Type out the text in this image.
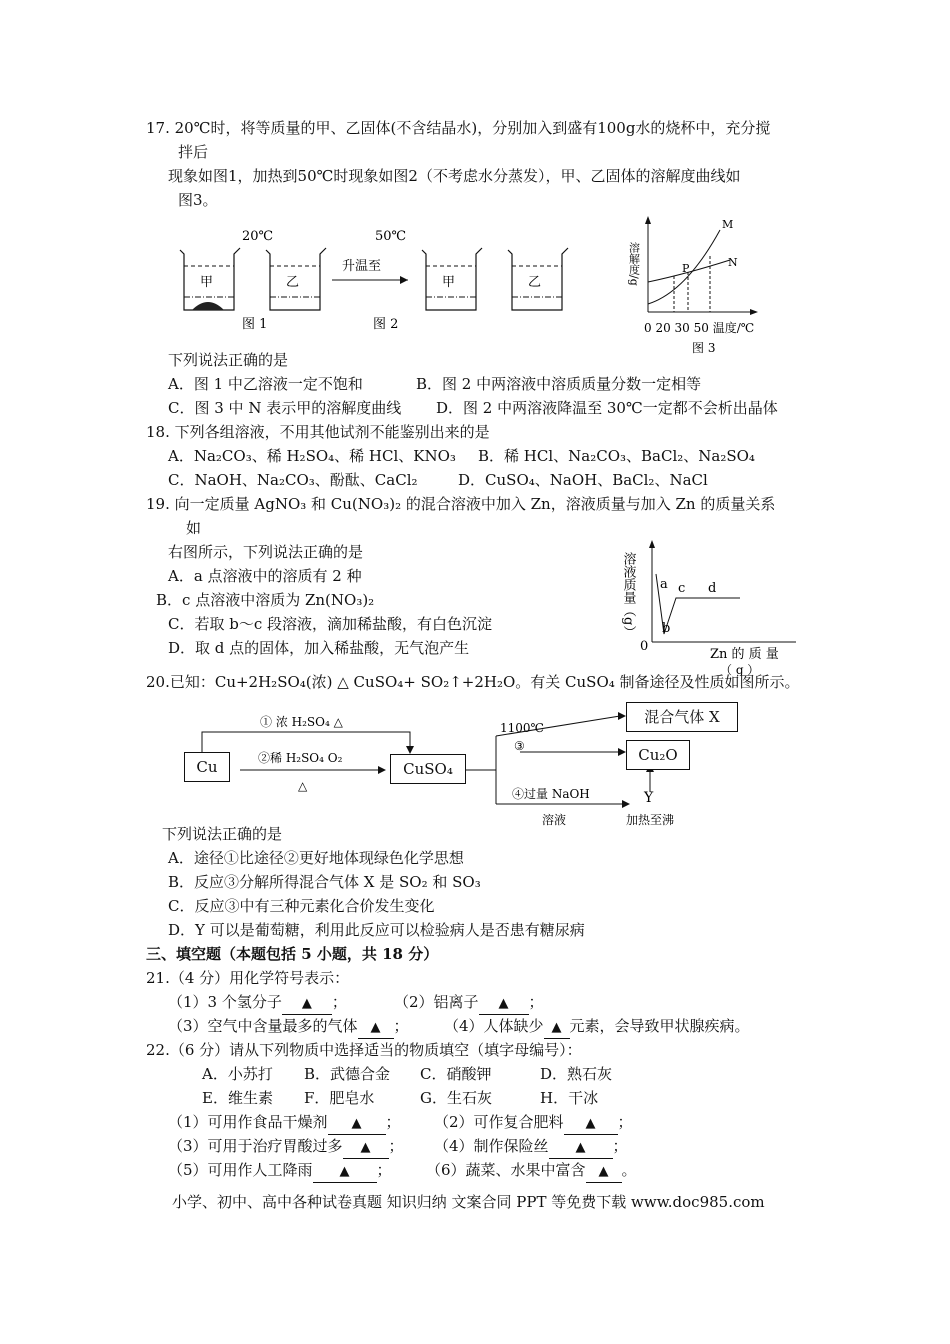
17. 20℃时，将等质量的甲、乙固体(不含结晶水)，分别加入到盛有100g水的烧杯中，充分搅
拌后
现象如图1，加热到50℃时现象如图2（不考虑水分蒸发），甲、乙固体的溶解度曲线如
图3。
20℃	50℃
甲	乙
升温至
甲	乙
图 1	图 2
溶解度/g
M
N
P
0 20 30 50 温度/℃
图 3
下列说法正确的是
A．图 1 中乙溶液一定不饱和	B．图 2 中两溶液中溶质质量分数一定相等
C．图 3 中 N 表示甲的溶解度曲线 D．图 2 中两溶液降温至 30℃一定都不会析出晶体
18. 下列各组溶液，不用其他试剂不能鉴别出来的是
A．Na₂CO₃、稀 H₂SO₄、稀 HCl、KNO₃ B．稀 HCl、Na₂CO₃、BaCl₂、Na₂SO₄
C．NaOH、Na₂CO₃、酚酞、CaCl₂	D．CuSO₄、NaOH、BaCl₂、NaCl
19. 向一定质量 AgNO₃ 和 Cu(NO₃)₂ 的混合溶液中加入 Zn，溶液质量与加入 Zn 的质量关系
如
右图所示，下列说法正确的是
A．a 点溶液中的溶质有 2 种
B．c 点溶液中溶质为 Zn(NO₃)₂
C．若取 b～c 段溶液，滴加稀盐酸，有白色沉淀
D．取 d 点的固体，加入稀盐酸，无气泡产生
溶液质量（g） a
b
c d
0
Zn 的 质 量
（ g ）
20.已知：Cu+2H₂SO₄(浓) △ CuSO₄+ SO₂↑+2H₂O。有关 CuSO₄ 制备途径及性质如图所示。
① 浓 H₂SO₄ △
②稀 H₂SO₄ O₂
△
1100℃
③
④过量 NaOH
溶液	加热至沸
Y
Cu	CuSO₄
混合气体 X
Cu₂O
下列说法正确的是
A．途径①比途径②更好地体现绿色化学思想
B．反应③分解所得混合气体 X 是 SO₂ 和 SO₃
C．反应③中有三种元素化合价发生变化
D．Y 可以是葡萄糖，利用此反应可以检验病人是否患有糖尿病
三、填空题（本题包括 5 小题，共 18 分）
21.（4 分）用化学符号表示：
（1）3 个氢分子 ▲ ；	（2）铝离子 ▲ ；
（3）空气中含量最多的气体 ▲ ； （4）人体缺少 ▲ 元素，会导致甲状腺疾病。
22.（6 分）请从下列物质中选择适当的物质填空（填字母编号）：
A．小苏打 B．武德合金 C．硝酸钾	D．熟石灰
E．维生素 F．肥皂水	G．生石灰	H．干冰
（1）可用作食品干燥剂 ▲ ； （2）可作复合肥料 ▲ ；
（3）可用于治疗胃酸过多 ▲ ； （4）制作保险丝 ▲ ；
（5）可用作人工降雨 ▲ ； （6）蔬菜、水果中富含 ▲ 。
小学、初中、高中各种试卷真题 知识归纳 文案合同 PPT 等免费下载 www.doc985.com
